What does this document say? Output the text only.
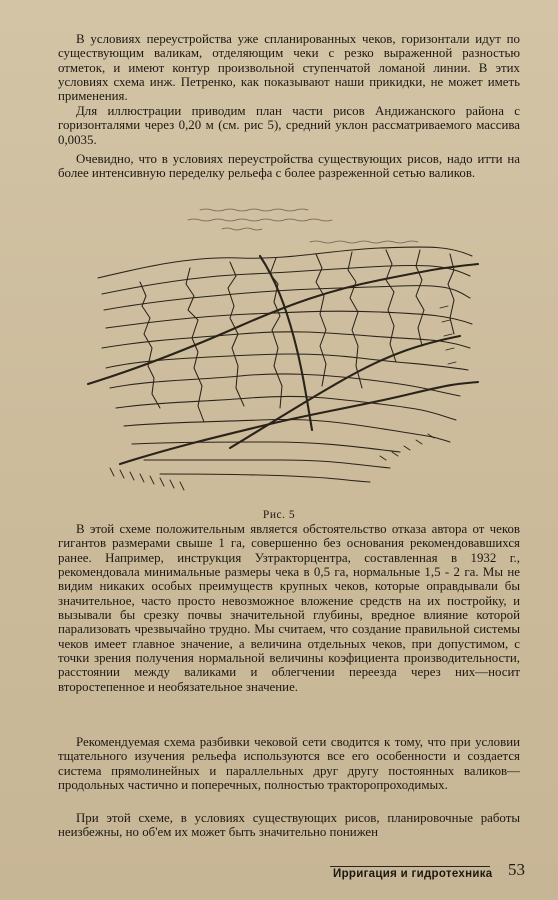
В условиях переустройства уже спланированных чеков, горизонтали идут по существующим валикам, отделяющим чеки с резко выраженной разностью отметок, и имеют контур произвольной ступенчатой ломаной линии. В этих условиях схема инж. Петренко, как показывают наши прикидки, не может иметь применения.

Для иллюстрации приводим план части рисов Андижанского района с горизонталями через 0,20 м (см. рис 5), средний уклон рассматриваемого массива 0,0035.

Очевидно, что в условиях переустройства существующих рисов, надо итти на более интенсивную переделку рельефа с более разреженной сетью валиков.

Рис. 5

В этой схеме положительным является обстоятельство отказа автора от чеков гигантов размерами свыше 1 га, совершенно без основания рекомендовавшихся ранее. Например, инструкция Узтракторцентра, составленная в 1932 г., рекомендовала минимальные размеры чека в 0,5 га, нормальные 1,5 - 2 га. Мы не видим никаких особых преимуществ крупных чеков, которые оправдывали бы значительное, часто просто невозможное вложение средств на их постройку, и вызывали бы срезку почвы значительной глубины, вредное влияние которой парализовать чрезвычайно трудно. Мы считаем, что создание правильной системы чеков имеет главное значение, а величина отдельных чеков, при допустимом, с точки зрения получения нормальной величины коэфициента производительности, расстоянии между валиками и облегчении переезда через них—носит второстепенное и необязательное значение.

Рекомендуемая схема разбивки чековой сети сводится к тому, что при условии тщательного изучения рельефа используются все его особенности и создается система прямолинейных и параллельных друг другу постоянных валиков—продольных частично и поперечных, полностью тракторопроходимых.

При этой схеме, в условиях существующих рисов, планировочные работы неизбежны, но об'ем их может быть значительно понижен

Ирригация и гидротехника 53
